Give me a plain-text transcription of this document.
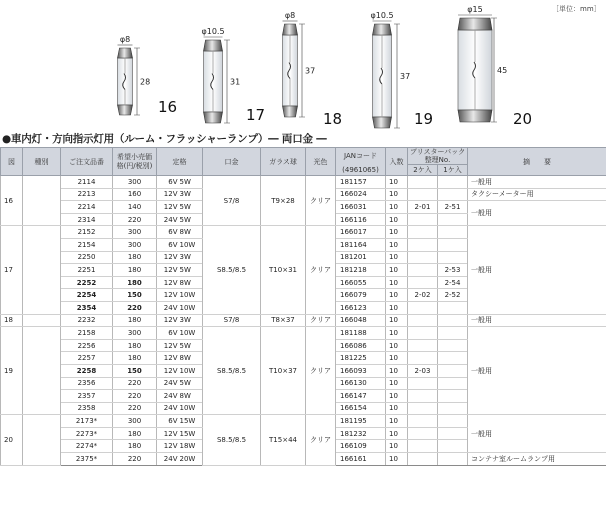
［単位：mm］
φ8
28
16
φ10.5
31
17
φ8
37
18
φ10.5
37
19
φ15
45
20
●車内灯・方向指示灯用（ルーム・フラッシャーランプ）― 両口金 ―
図	種別	ご注文品番	希望小売価格(円/税別)	定格		口金	ガラス球	光色	JANコード	入数	ブリスターパック整理No.		摘　　要
									(4961065)		2ケ入	1ケ入	
16		2114	300	6V	5W	S7/8	T9×28	クリア	181157	10			一般用
		2213	160	12V	3W				166024	10			タクシーメーター用
		2214	140	12V	5W				166031	10	2-01	2-51	一般用
		2314	220	24V	5W				166116	10			
17		2152	300	6V	8W	S8.5/8.5	T10×31	クリア	166017	10			一般用
		2154	300	6V	10W				181164	10			
		2250	180	12V	3W				181201	10			
		2251	180	12V	5W				181218	10		2-53	
		2252	180	12V	8W				166055	10		2-54	
		2254	150	12V	10W				166079	10	2-02	2-52	
		2354	220	24V	10W				166123	10			
18		2232	180	12V	3W	S7/8	T8×37	クリア	166048	10			一般用
19		2158	300	6V	10W	S8.5/8.5	T10×37	クリア	181188	10			一般用
		2256	180	12V	5W				166086	10			
		2257	180	12V	8W				181225	10			
		2258	150	12V	10W				166093	10	2-03		
		2356	220	24V	5W				166130	10			
		2357	220	24V	8W				166147	10			
		2358	220	24V	10W				166154	10			
20		2173*	300	6V	15W	S8.5/8.5	T15×44	クリア	181195	10			一般用
		2273*	180	12V	15W				181232	10			
		2274*	180	12V	18W				166109	10			
		2375*	220	24V	20W				166161	10			コンテナ室ルームランプ用
